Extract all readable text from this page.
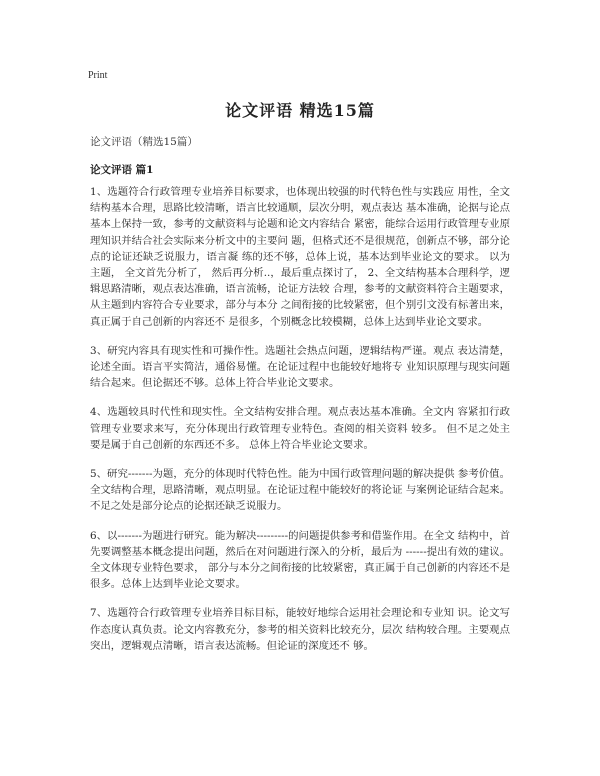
Print
论文评语 精选15篇
论文评语（精选15篇）
论文评语 篇1

1、选题符合行政管理专业培养目标要求，也体现出较强的时代特色性与实践应 用性，全文结构基本合理，思路比较清晰，语言比较通顺，层次分明，观点表达 基本准确，论据与论点基本上保持一致，参考的文献资料与论题和论文内容结合 紧密，能综合运用行政管理专业原理知识并结合社会实际来分析文中的主要问 题，但格式还不是很规范，创新点不够，部分论点的论证还缺乏说服力，语言凝 练的还不够，总体上说，基本达到毕业论文的要求。 以为主题， 全文首先分析了， 然后再分析..，最后重点探讨了， 2、全文结构基本合理科学，逻辑思路清晰，观点表达准确，语言流畅，论证方法较 合理，参考的文献资料符合主题要求，从主题到内容符合专业要求，部分与本分 之间衔接的比较紧密，但个别引文没有标著出来，真正属于自己创新的内容还不 是很多，个别概念比较模糊，总体上达到毕业论文要求。

3、研究内容具有现实性和可操作性。选题社会热点问题，逻辑结构严谨。观点 表达清楚，论述全面。语言平实简洁，通俗易懂。在论证过程中也能较好地将专 业知识原理与现实问题结合起来。但论据还不够。总体上符合毕业论文要求。

4、选题较具时代性和现实性。全文结构安排合理。观点表达基本准确。全文内 容紧扣行政管理专业要求来写，充分体现出行政管理专业特色。查阅的相关资料 较多。 但不足之处主要是属于自己创新的东西还不多。 总体上符合毕业论文要求。

5、研究-------为题，充分的体现时代特色性。能为中国行政管理问题的解决提供 参考价值。全文结构合理，思路清晰，观点明显。在论证过程中能较好的将论证 与案例论证结合起来。不足之处是部分论点的论据还缺乏说服力。

6、以-------为题进行研究。能为解决---------的问题提供参考和借鉴作用。在全文 结构中，首先要调整基本概念提出问题，然后在对问题进行深入的分析，最后为 ------提出有效的建议。 全文体现专业特色要求， 部分与本分之间衔接的比较紧密，真正属于自己创新的内容还不是很多。总体上达到毕业论文要求。

7、选题符合行政管理专业培养目标目标，能较好地综合运用社会理论和专业知 识。论文写作态度认真负责。论文内容教充分，参考的相关资料比较充分，层次 结构较合理。主要观点突出，逻辑观点清晰，语言表达流畅。但论证的深度还不 够。
